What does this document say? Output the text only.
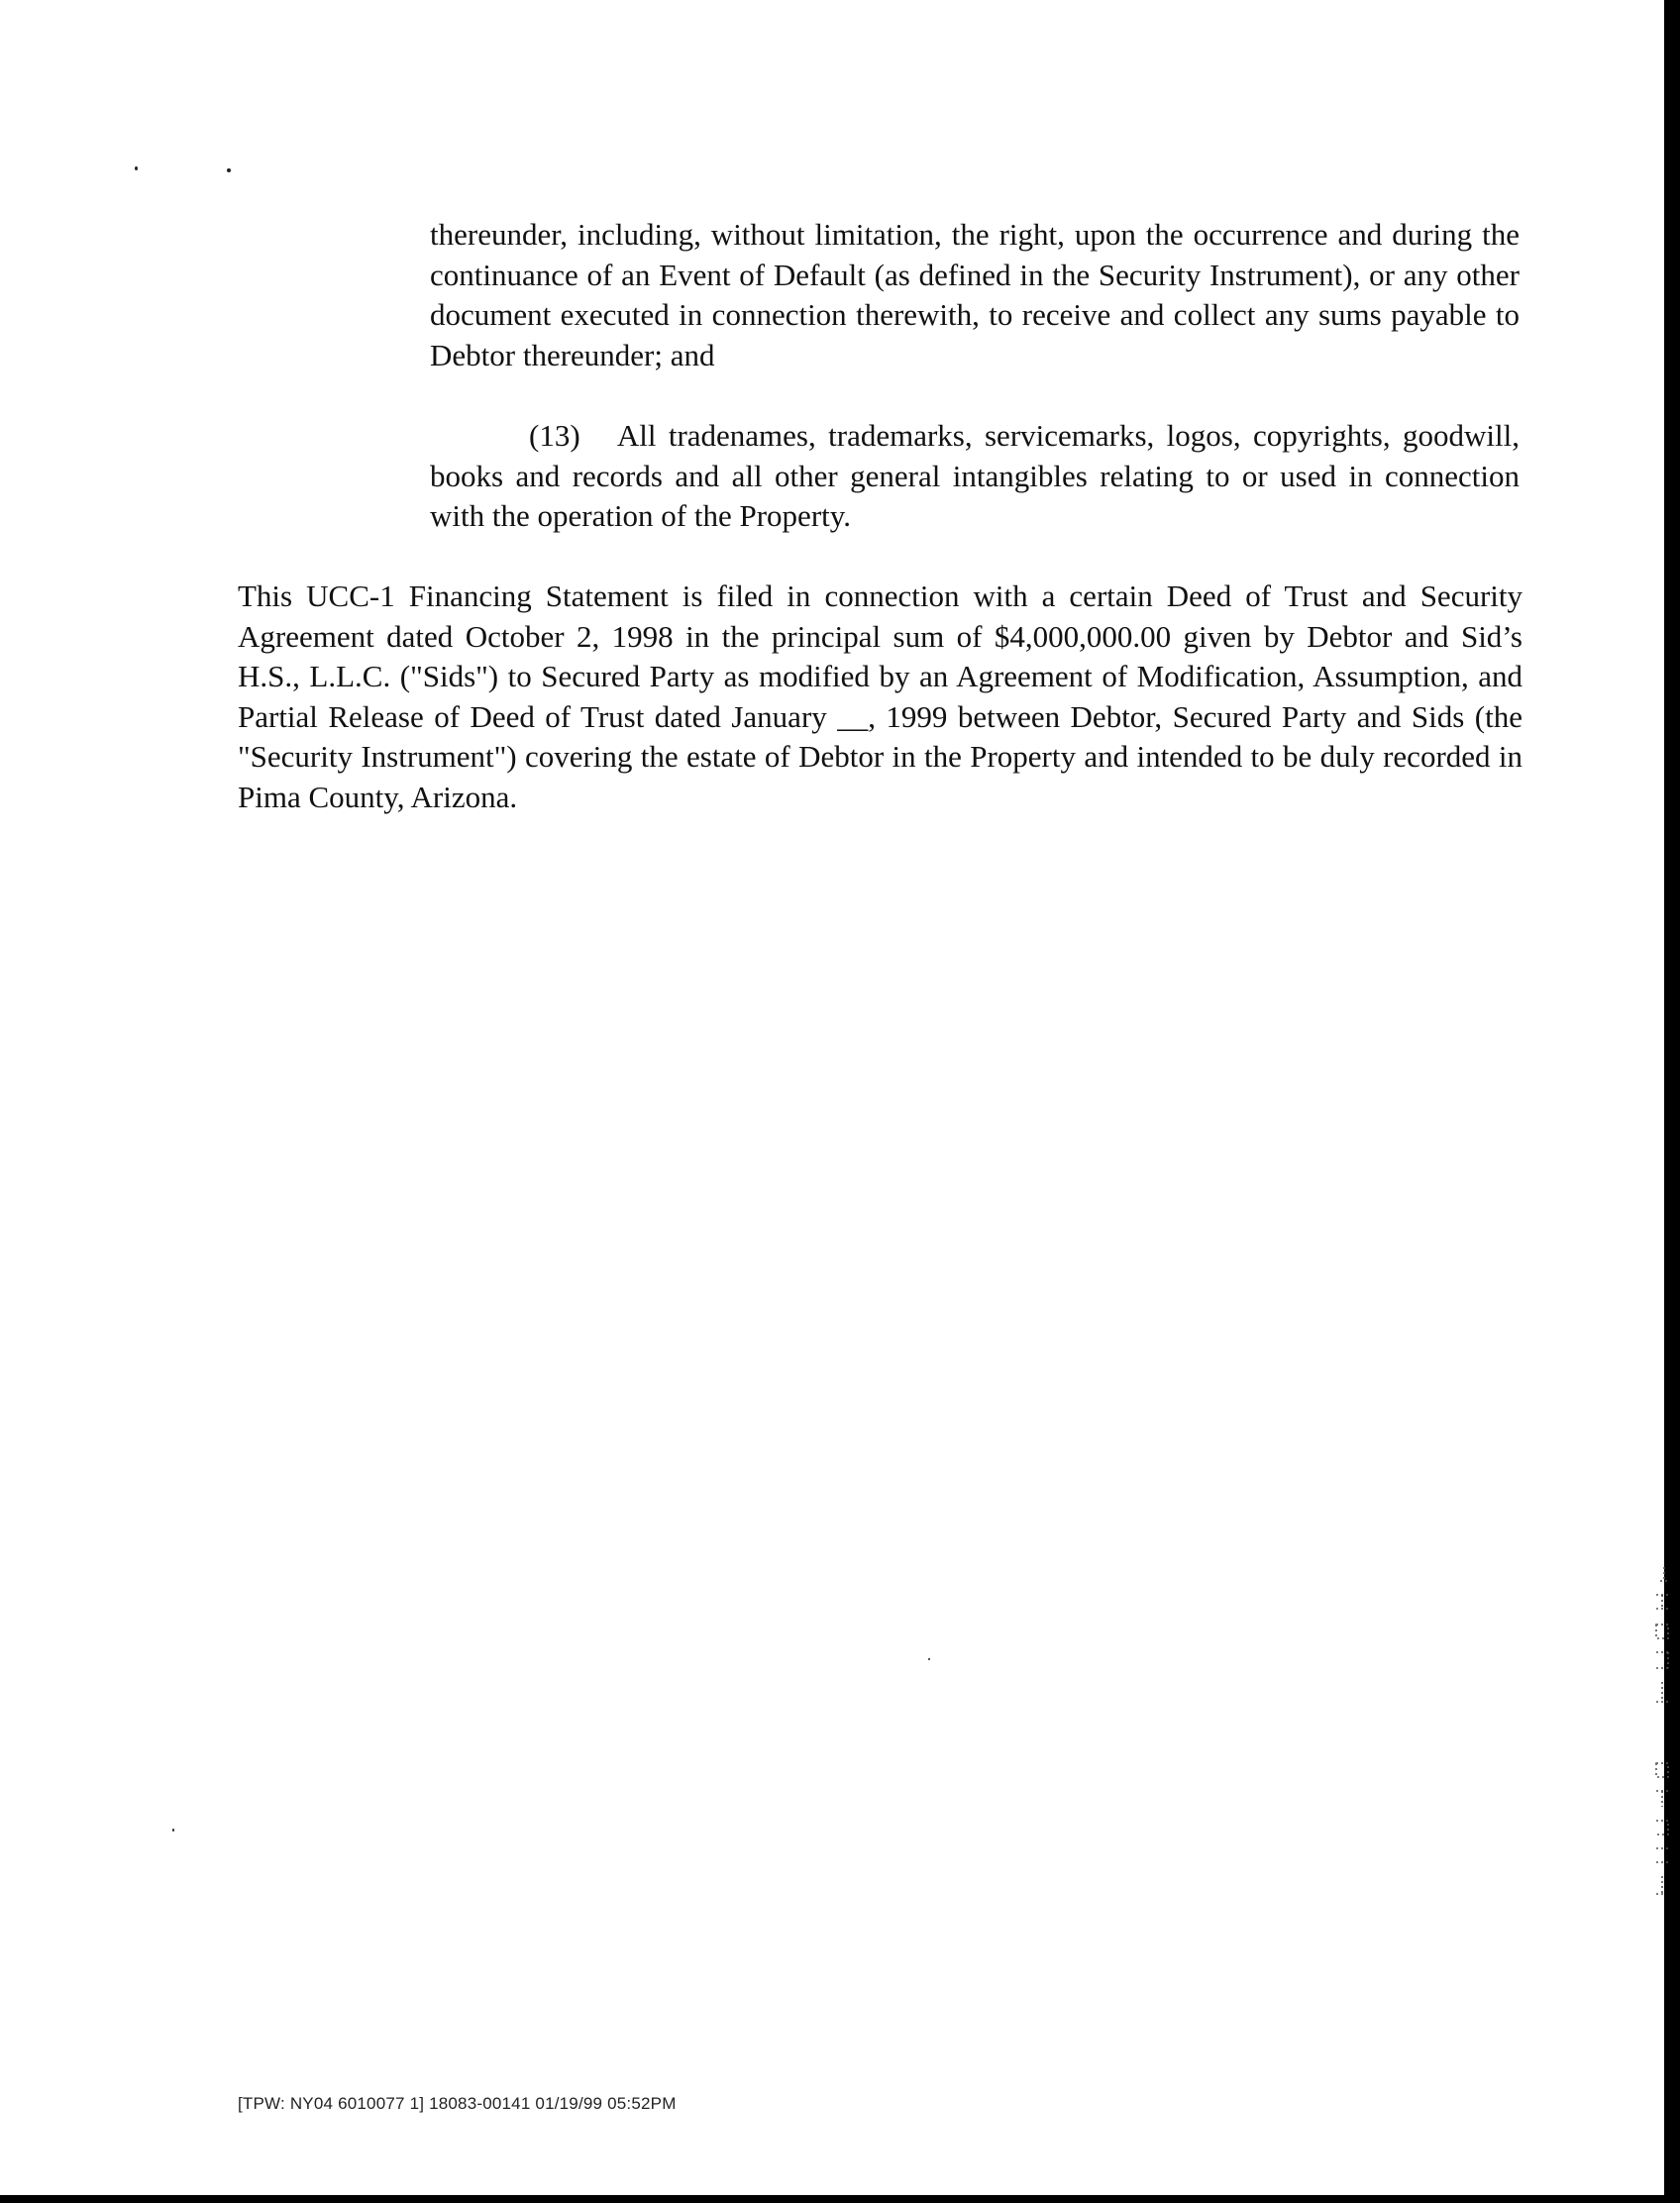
thereunder, including, without limitation, the right, upon the occurrence and during the continuance of an Event of Default (as defined in the Security Instrument), or any other document executed in connection therewith, to receive and collect any sums payable to Debtor thereunder; and
(13)   All tradenames, trademarks, servicemarks, logos, copyrights, goodwill, books and records and all other general intangibles relating to or used in connection with the operation of the Property.
This UCC-1 Financing Statement is filed in connection with a certain Deed of Trust and Security Agreement dated October 2, 1998 in the principal sum of $4,000,000.00 given by Debtor and Sid’s H.S., L.L.C. ("Sids") to Secured Party as modified by an Agreement of Modification, Assumption, and Partial Release of Deed of Trust dated January __, 1999 between Debtor, Secured Party and Sids (the "Security Instrument") covering the estate of Debtor in the Property and intended to be duly recorded in Pima County, Arizona.
[TPW: NY04 6010077 1] 18083-00141 01/19/99 05:52PM
